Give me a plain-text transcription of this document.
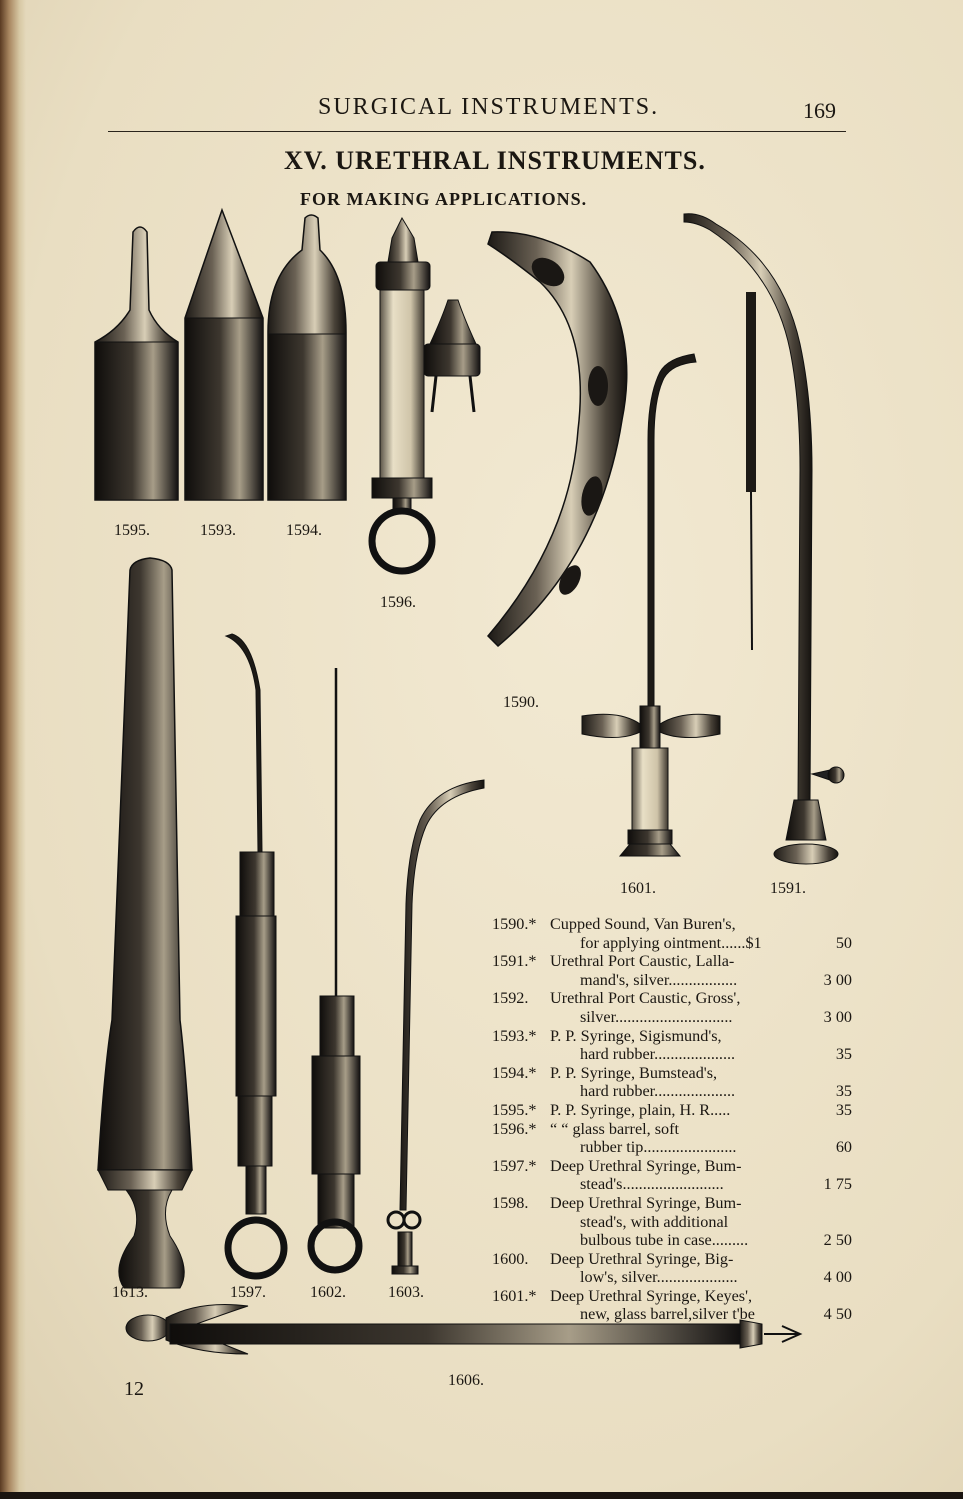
SURGICAL INSTRUMENTS.	169
XV. URETHRAL INSTRUMENTS.
FOR MAKING APPLICATIONS.
1595.	1593.	1594.
1596.
1590.
1601.	1591.
1613.	1597.	1602.	1603.
1606.
1590.* Cupped Sound, Van Buren's,
for applying ointment......$1	50
1591.* Urethral Port Caustic, Lalla-
mand's, silver.................	3 00
1592.	Urethral Port Caustic, Gross',
silver.............................	3 00
1593.* P. P. Syringe, Sigismund's,
hard rubber....................	35
1594.* P. P. Syringe, Bumstead's,
hard rubber....................	35
1595.* P. P. Syringe, plain, H. R.....	35
1596.* “ “ glass barrel, soft
rubber tip.......................	60
1597.* Deep Urethral Syringe, Bum-
stead's.........................	1 75
1598.	Deep Urethral Syringe, Bum-
stead's, with additional
bulbous tube in case.........	2 50
1600.	Deep Urethral Syringe, Big-
low's, silver....................	4 00
1601.* Deep Urethral Syringe, Keyes',
new, glass barrel,silver t'be	4 50
12
